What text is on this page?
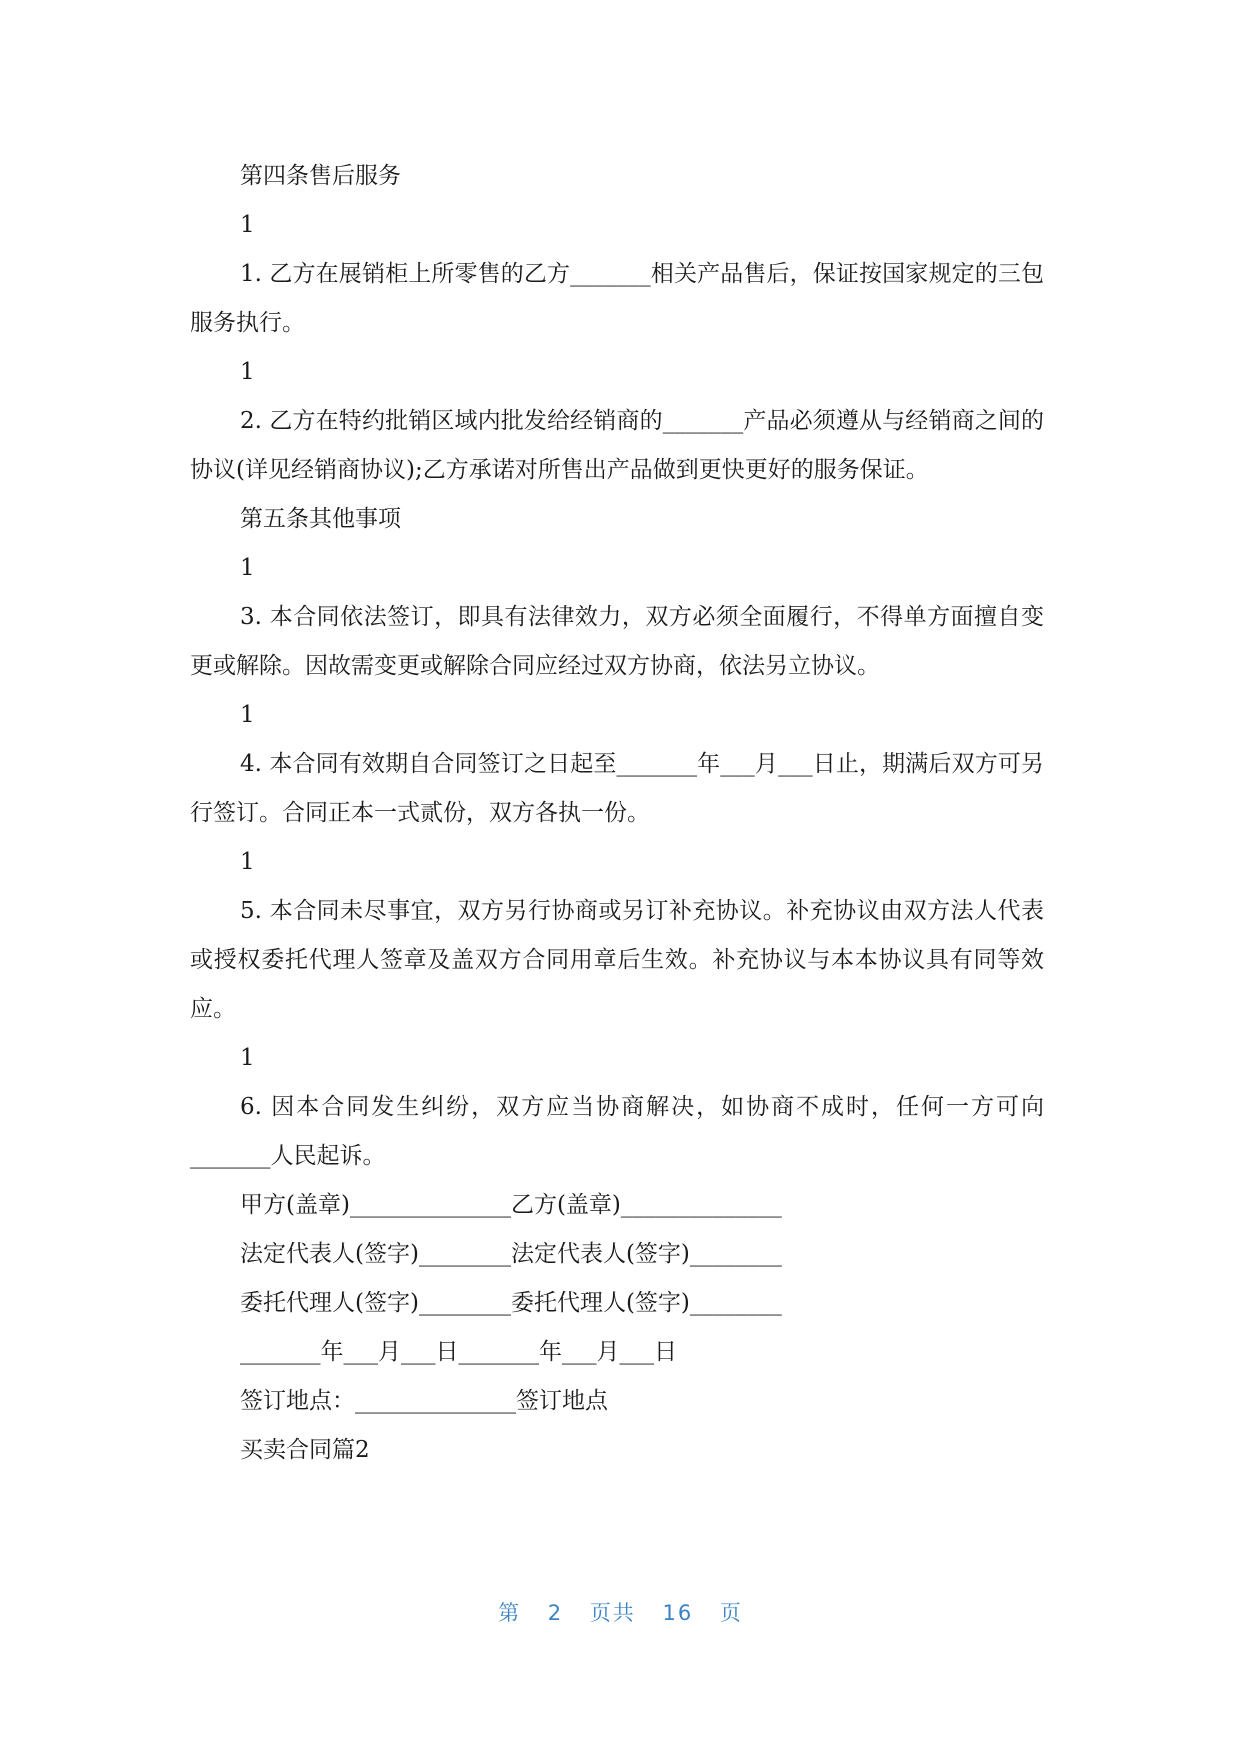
第四条售后服务

1

1. 乙方在展销柜上所零售的乙方_______相关产品售后，保证按国家规定的三包服务执行。

1

2. 乙方在特约批销区域内批发给经销商的_______产品必须遵从与经销商之间的协议(详见经销商协议);乙方承诺对所售出产品做到更快更好的服务保证。

第五条其他事项

1

3. 本合同依法签订，即具有法律效力，双方必须全面履行，不得单方面擅自变更或解除。因故需变更或解除合同应经过双方协商，依法另立协议。

1

4. 本合同有效期自合同签订之日起至_______年___月___日止，期满后双方可另行签订。合同正本一式贰份，双方各执一份。

1

5. 本合同未尽事宜，双方另行协商或另订补充协议。补充协议由双方法人代表或授权委托代理人签章及盖双方合同用章后生效。补充协议与本本协议具有同等效应。

1

6. 因本合同发生纠纷，双方应当协商解决，如协商不成时，任何一方可向_______人民起诉。

甲方(盖章)______________乙方(盖章)______________

法定代表人(签字)________法定代表人(签字)________

委托代理人(签字)________委托代理人(签字)________

_______年___月___日_______年___月___日

签订地点：______________签订地点

买卖合同篇2

第 2 页共 16 页
